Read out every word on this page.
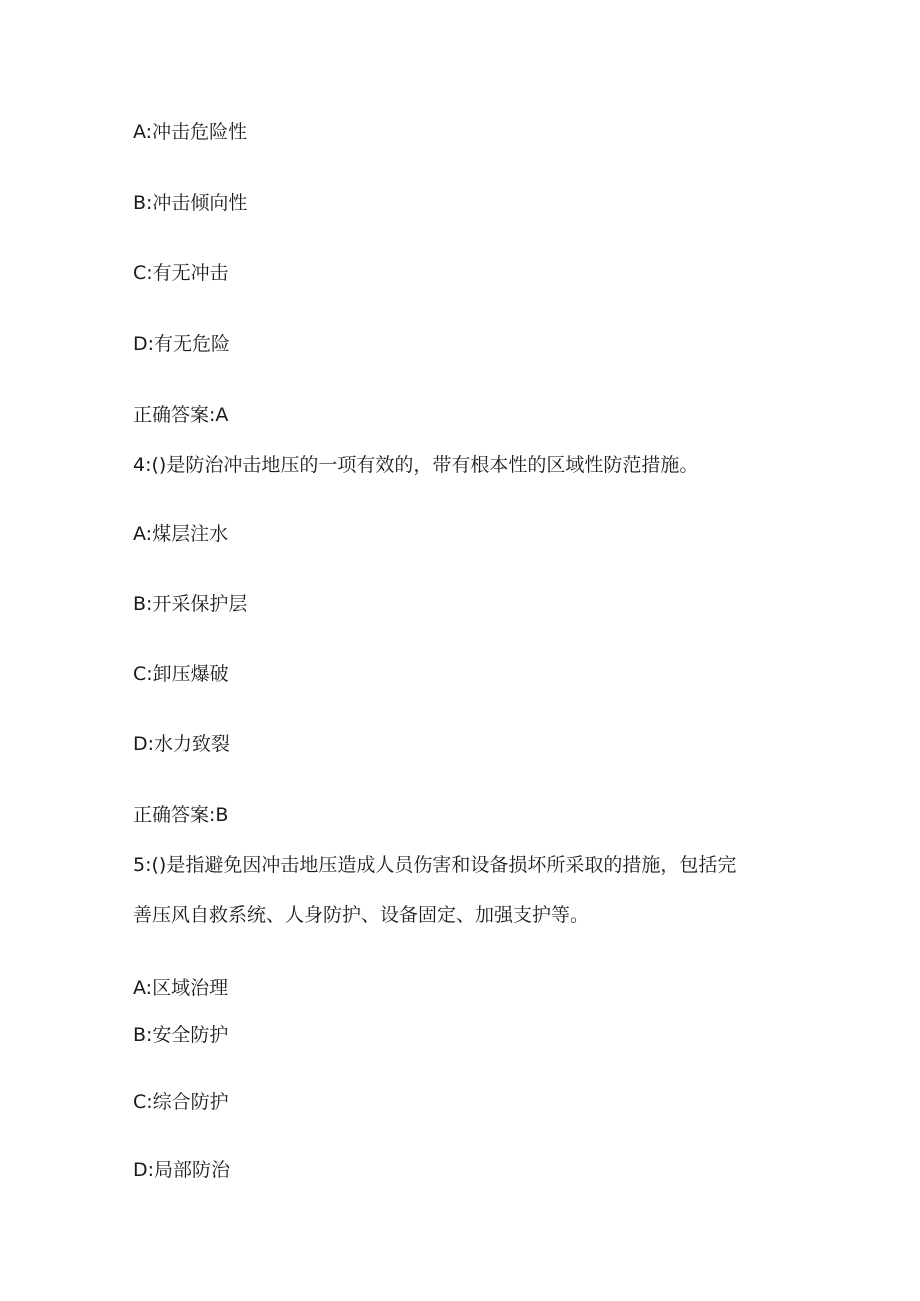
A:冲击危险性
B:冲击倾向性
C:有无冲击
D:有无危险
正确答案:A
4:()是防治冲击地压的一项有效的，带有根本性的区域性防范措施。
A:煤层注水
B:开采保护层
C:卸压爆破
D:水力致裂
正确答案:B
5:()是指避免因冲击地压造成人员伤害和设备损坏所采取的措施，包括完
善压风自救系统、人身防护、设备固定、加强支护等。
A:区域治理
B:安全防护
C:综合防护
D:局部防治
